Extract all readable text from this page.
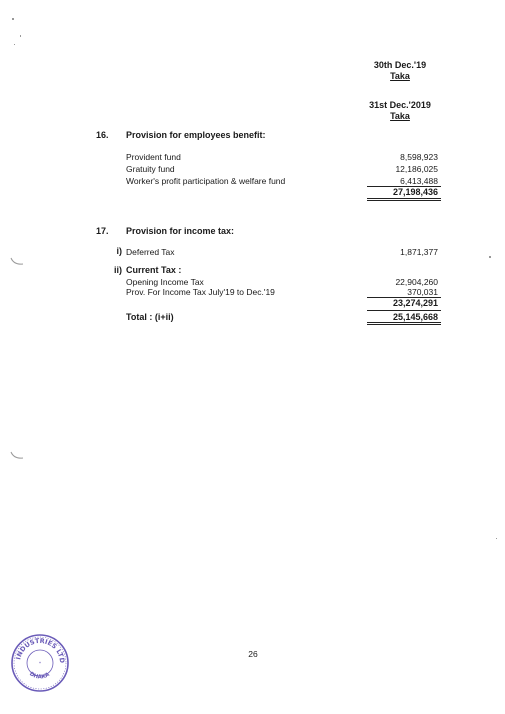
30th Dec.'19
Taka
31st Dec.'2019
Taka
16. Provision for employees benefit:
Provident fund	8,598,923
Gratuity fund	12,186,025
Worker's profit participation & welfare fund	6,413,488
27,198,436
17. Provision for income tax:
i) Deferred Tax	1,871,377
ii) Current Tax :
Opening Income Tax	22,904,260
Prov. For Income Tax July'19 to Dec.'19	370,031
23,274,291
Total : (i+ii)	25,145,668
26
INDUSTRIES LTD
DHAKA
*
